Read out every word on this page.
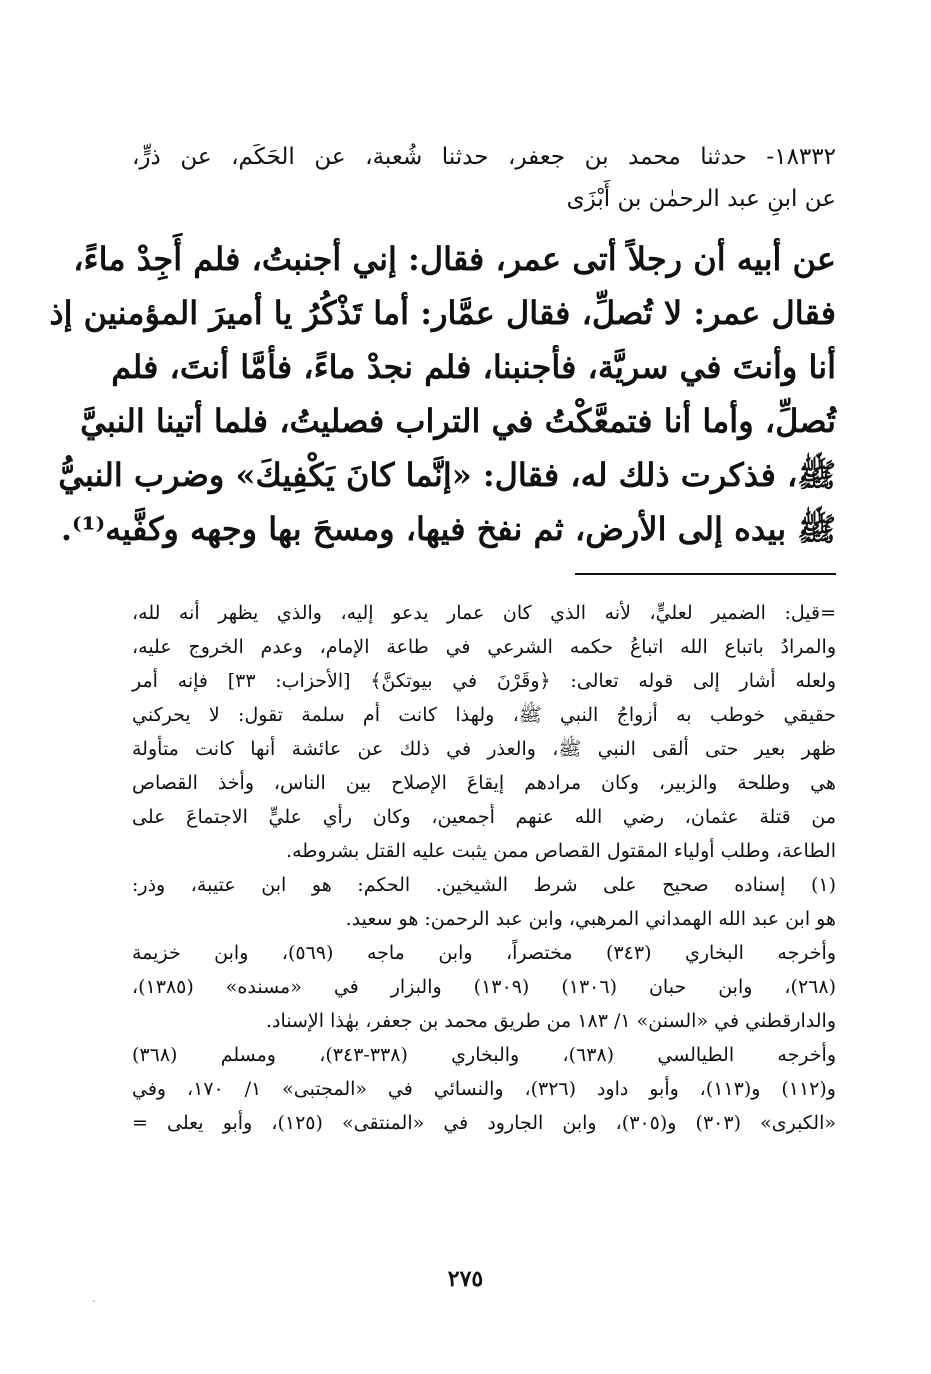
١٨٣٣٢- حدثنا محمد بن جعفر، حدثنا شُعبة، عن الحَكَم، عن ذرٍّ،
عن ابنِ عبد الرحمٰن بن أَبْزَى
عن أبيه أن رجلاً أتى عمر، فقال: إني أجنبتُ، فلم أَجِدْ ماءً،
فقال عمر: لا تُصلِّ، فقال عمَّار: أما تَذْكُرُ يا أميرَ المؤمنين إذ
أنا وأنتَ في سريَّة، فأجنبنا، فلم نجدْ ماءً، فأمَّا أنتَ، فلم
تُصلِّ، وأما أنا فتمعَّكْتُ في التراب فصليتُ، فلما أتينا النبيَّ
ﷺ، فذكرت ذلك له، فقال: «إنَّما كانَ يَكْفِيكَ» وضرب النبيُّ
ﷺ بيده إلى الأرض، ثم نفخ فيها، ومسحَ بها وجهه وكفَّيه⁽¹⁾.
=قيل: الضمير لعليٍّ، لأنه الذي كان عمار يدعو إليه، والذي يظهر أنه لله،
والمرادُ باتباع الله اتباعُ حكمه الشرعي في طاعة الإمام، وعدم الخروج عليه،
ولعله أشار إلى قوله تعالى: ﴿وقَرْنَ في بيوتكنَّ﴾ [الأحزاب: ٣٣] فإنه أمر
حقيقي خوطب به أزواجُ النبي ﷺ، ولهذا كانت أم سلمة تقول: لا يحركني
ظهر بعير حتى ألقى النبي ﷺ، والعذر في ذلك عن عائشة أنها كانت متأولة
هي وطلحة والزبير، وكان مرادهم إيقاعَ الإصلاح بين الناس، وأخذ القصاص
من قتلة عثمان، رضي الله عنهم أجمعين، وكان رأي عليٍّ الاجتماعَ على
الطاعة، وطلب أولياء المقتول القصاص ممن يثبت عليه القتل بشروطه.
(١) إسناده صحيح على شرط الشيخين. الحكم: هو ابن عتيبة، وذر:
هو ابن عبد الله الهمداني المرهبي، وابن عبد الرحمن: هو سعيد.
وأخرجه البخاري (٣٤٣) مختصراً، وابن ماجه (٥٦٩)، وابن خزيمة
(٢٦٨)، وابن حبان (١٣٠٦) (١٣٠٩) والبزار في «مسنده» (١٣٨٥)،
والدارقطني في «السنن» ١/ ١٨٣ من طريق محمد بن جعفر، بهٰذا الإسناد.
وأخرجه الطيالسي (٦٣٨)، والبخاري (٣٣٨-٣٤٣)، ومسلم (٣٦٨)
و(١١٢) و(١١٣)، وأبو داود (٣٢٦)، والنسائي في «المجتبى» ١/ ١٧٠، وفي
«الكبرى» (٣٠٣) و(٣٠٥)، وابن الجارود في «المنتقى» (١٢٥)، وأبو يعلى =
٢٧٥
